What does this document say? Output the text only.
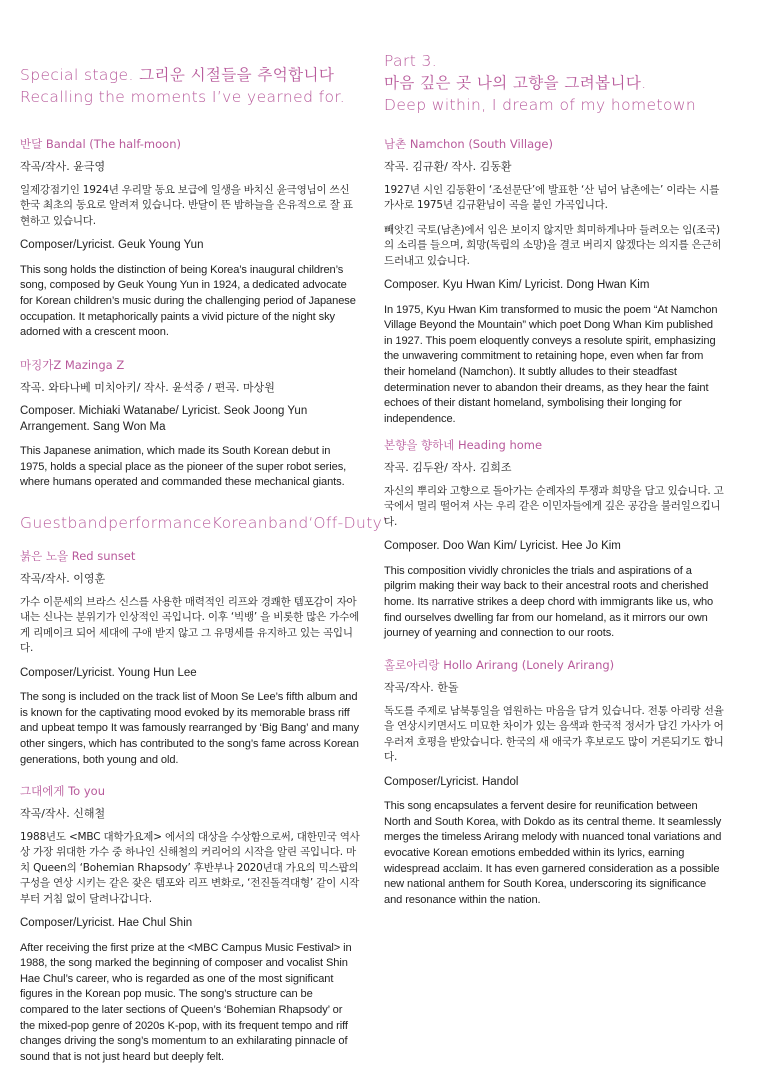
Special stage. 그리운 시절들을 추억합니다
Recalling the moments I’ve yearned for.
반달 Bandal (The half-moon)
작곡/작사. 윤극영

일제강점기인 1924년 우리말 동요 보급에 일생을 바치신 윤극영님이 쓰신 한국 최초의 동요로 알려져 있습니다. 반달이 뜬 밤하늘을 은유적으로 잘 표현하고 있습니다.

Composer/Lyricist. Geuk Young Yun

This song holds the distinction of being Korea’s inaugural children’s song, composed by Geuk Young Yun in 1924, a dedicated advocate for Korean children’s music during the challenging period of Japanese occupation. It metaphorically paints a vivid picture of the night sky adorned with a crescent moon.

마징가Z Mazinga Z
작곡. 와타나베 미치아키/ 작사. 윤석중 / 편곡. 마상원
Composer. Michiaki Watanabe/ Lyricist. Seok Joong Yun
Arrangement. Sang Won Ma

This Japanese animation, which made its South Korean debut in 1975, holds a special place as the pioneer of the super robot series, where humans operated and commanded these mechanical giants.

GuestbandperformanceKoreanband‘Off-Duty’
붉은 노을 Red sunset
작곡/작사. 이영훈

가수 이문세의 브라스 신스를 사용한 매력적인 리프와 경쾌한 템포감이 자아내는 신나는 분위기가 인상적인 곡입니다. 이후 ‘빅뱅’ 을 비롯한 많은 가수에게 리메이크 되어 세대에 구애 받지 않고 그 유명세를 유지하고 있는 곡입니다.

Composer/Lyricist. Young Hun Lee

The song is included on the track list of Moon Se Lee’s fifth album and is known for the captivating mood evoked by its memorable brass riff and upbeat tempo It was famously rearranged by ‘Big Bang’ and many other singers, which has contributed to the song’s fame across Korean generations, both young and old.

그대에게 To you
작곡/작사. 신해철

1988년도 <MBC 대학가요제> 에서의 대상을 수상함으로써, 대한민국 역사상 가장 위대한 가수 중 하나인 신해철의 커리어의 시작을 알린 곡입니다. 마치 Queen의 ‘Bohemian Rhapsody’ 후반부나 2020년대 가요의 믹스팝의 구성을 연상 시키는 같은 잦은 템포와 리프 변화로, ‘전진돌격대형’ 같이 시작부터 거침 없이 달려나갑니다.

Composer/Lyricist. Hae Chul Shin

After receiving the first prize at the <MBC Campus Music Festival> in 1988, the song marked the beginning of composer and vocalist Shin Hae Chul’s career, who is regarded as one of the most significant figures in the Korean pop music. The song’s structure can be compared to the later sections of Queen’s ‘Bohemian Rhapsody’ or the mixed-pop genre of 2020s K-pop, with its frequent tempo and riff changes driving the song’s momentum to an exhilarating pinnacle of sound that is not just heard but deeply felt.

Part 3.
마음 깊은 곳 나의 고향을 그려봅니다.
Deep within, I dream of my hometown
남촌 Namchon (South Village)
작곡. 김규환/ 작사. 김동환

1927년 시인 김동환이 ‘조선문단’에 발표한 ‘산 넘어 남촌에는’ 이라는 시를 가사로 1975년 김규환님이 곡을 붙인 가곡입니다.

빼앗긴 국토(남촌)에서 임은 보이지 않지만 희미하게나마 들려오는 임(조국)의 소리를 들으며, 희망(독립의 소망)을 결코 버리지 않겠다는 의지를 은근히 드러내고 있습니다.

Composer. Kyu Hwan Kim/ Lyricist. Dong Hwan Kim

In 1975, Kyu Hwan Kim transformed to music the poem “At Namchon Village Beyond the Mountain” which poet Dong Whan Kim published in 1927. This poem eloquently conveys a resolute spirit, emphasizing the unwavering commitment to retaining hope, even when far from their homeland (Namchon). It subtly alludes to their steadfast determination never to abandon their dreams, as they hear the faint echoes of their distant homeland, symbolising their longing for independence.

본향을 향하네 Heading home
작곡. 김두완/ 작사. 김희조

자신의 뿌리와 고향으로 돌아가는 순례자의 투쟁과 희망을 담고 있습니다. 고국에서 멀리 떨어져 사는 우리 같은 이민자들에게 깊은 공감을 불러일으킵니다.

Composer. Doo Wan Kim/ Lyricist. Hee Jo Kim

This composition vividly chronicles the trials and aspirations of a pilgrim making their way back to their ancestral roots and cherished home. Its narrative strikes a deep chord with immigrants like us, who find ourselves dwelling far from our homeland, as it mirrors our own journey of yearning and connection to our roots.

홀로아리랑 Hollo Arirang (Lonely Arirang)
작곡/작사. 한돌

독도를 주제로 남북통일을 염원하는 마음을 담겨 있습니다. 전통 아리랑 선율을 연상시키면서도 미묘한 차이가 있는 음색과 한국적 정서가 담긴 가사가 어우러져 호평을 받았습니다. 한국의 새 애국가 후보로도 많이 거론되기도 합니다.

Composer/Lyricist. Handol

This song encapsulates a fervent desire for reunification between North and South Korea, with Dokdo as its central theme. It seamlessly merges the timeless Arirang melody with nuanced tonal variations and evocative Korean emotions embedded within its lyrics, earning widespread acclaim. It has even garnered consideration as a possible new national anthem for South Korea, underscoring its significance and resonance within the nation.
